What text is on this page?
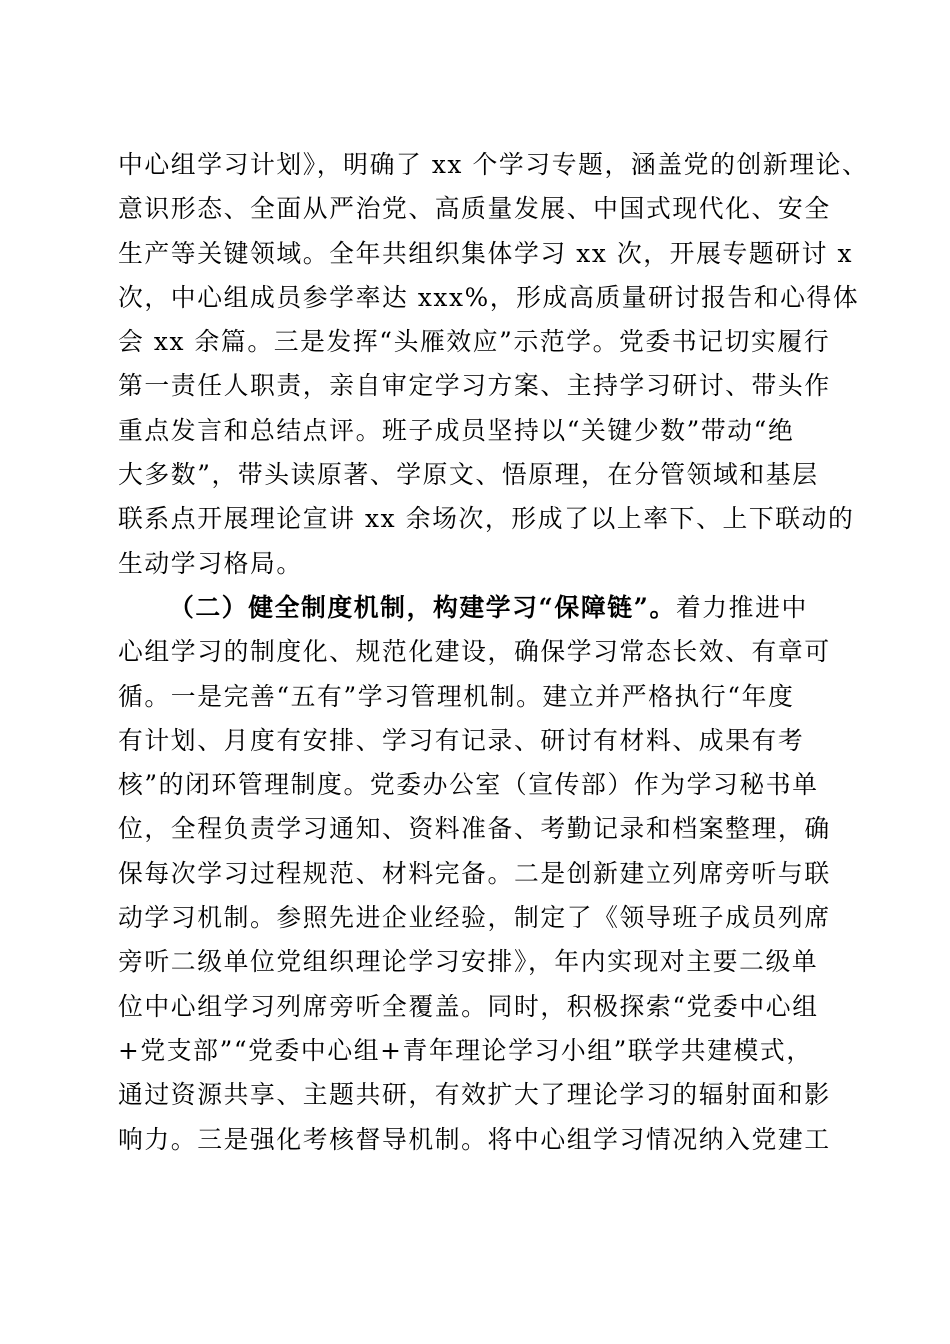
中心组学习计划》，明确了 xx 个学习专题，涵盖党的创新理论、
意识形态、全面从严治党、高质量发展、中国式现代化、安全
生产等关键领域。全年共组织集体学习 xx 次，开展专题研讨 x
次，中心组成员参学率达 xxx%，形成高质量研讨报告和心得体
会 xx 余篇。三是发挥“头雁效应”示范学。党委书记切实履行
第一责任人职责，亲自审定学习方案、主持学习研讨、带头作
重点发言和总结点评。班子成员坚持以“关键少数”带动“绝
大多数”，带头读原著、学原文、悟原理，在分管领域和基层
联系点开展理论宣讲 xx 余场次，形成了以上率下、上下联动的
生动学习格局。
（二）健全制度机制，构建学习“保障链”。着力推进中
心组学习的制度化、规范化建设，确保学习常态长效、有章可
循。一是完善“五有”学习管理机制。建立并严格执行“年度
有计划、月度有安排、学习有记录、研讨有材料、成果有考
核”的闭环管理制度。党委办公室（宣传部）作为学习秘书单
位，全程负责学习通知、资料准备、考勤记录和档案整理，确
保每次学习过程规范、材料完备。二是创新建立列席旁听与联
动学习机制。参照先进企业经验，制定了《领导班子成员列席
旁听二级单位党组织理论学习安排》，年内实现对主要二级单
位中心组学习列席旁听全覆盖。同时，积极探索“党委中心组
+党支部”“党委中心组+青年理论学习小组”联学共建模式，
通过资源共享、主题共研，有效扩大了理论学习的辐射面和影
响力。三是强化考核督导机制。将中心组学习情况纳入党建工
